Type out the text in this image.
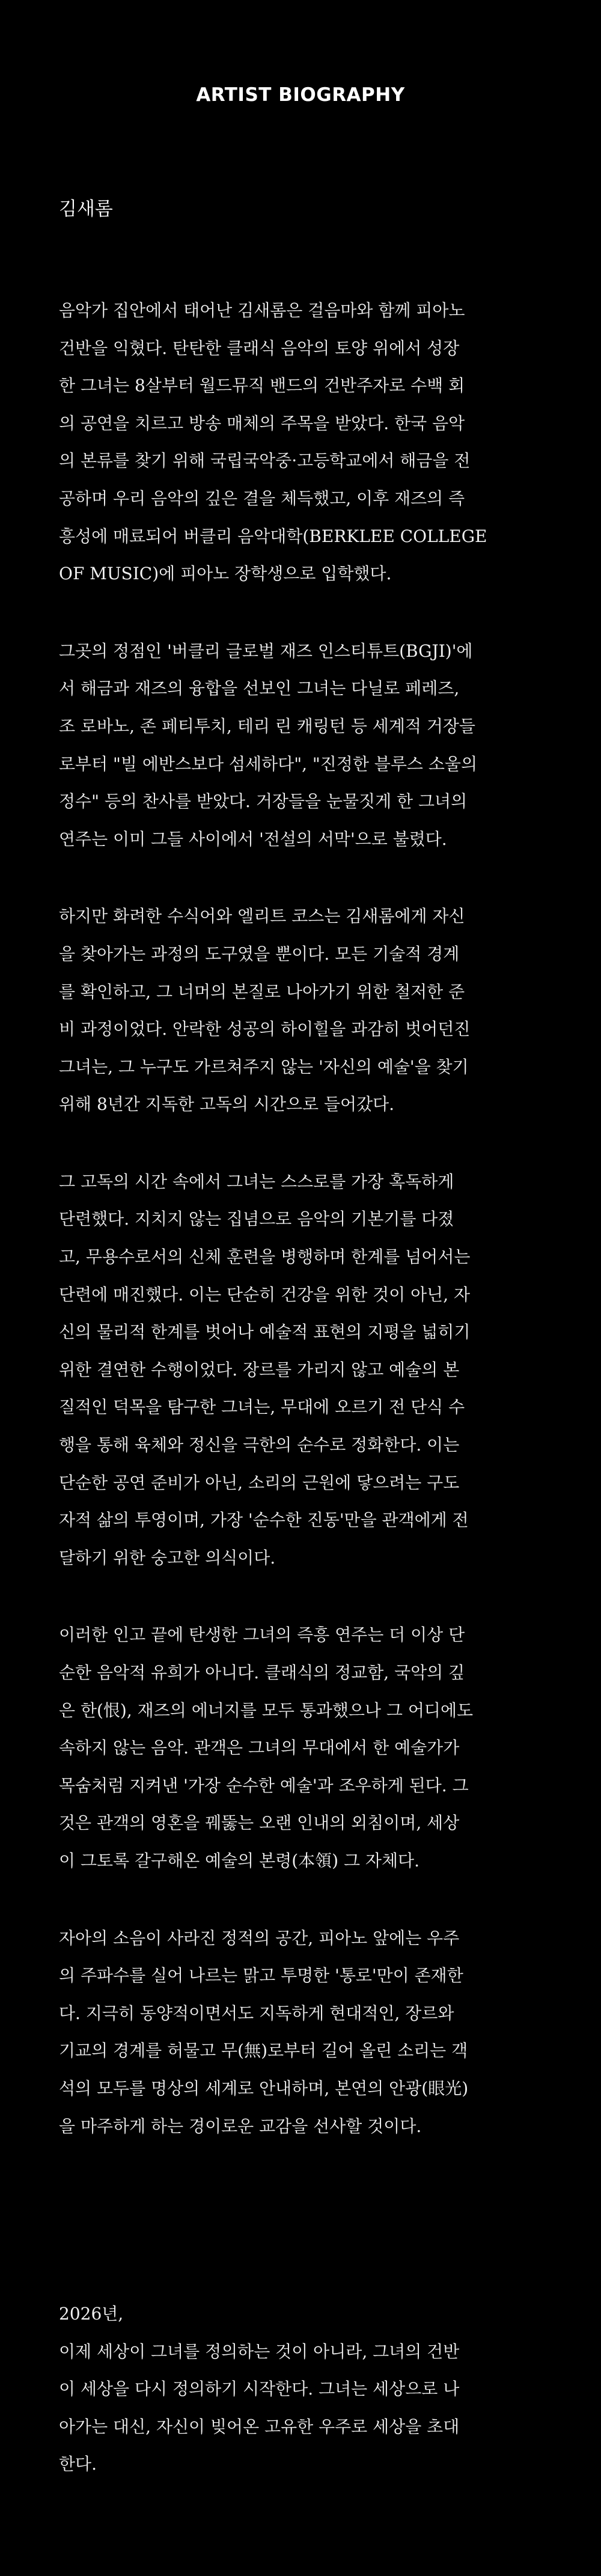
ARTIST BIOGRAPHY
김새롬

음악가 집안에서 태어난 김새롬은 걸음마와 함께 피아노
건반을 익혔다. 탄탄한 클래식 음악의 토양 위에서 성장
한 그녀는 8살부터 월드뮤직 밴드의 건반주자로 수백 회
의 공연을 치르고 방송 매체의 주목을 받았다. 한국 음악
의 본류를 찾기 위해 국립국악중·고등학교에서 해금을 전
공하며 우리 음악의 깊은 결을 체득했고, 이후 재즈의 즉
흥성에 매료되어 버클리 음악대학(BERKLEE COLLEGE
OF MUSIC)에 피아노 장학생으로 입학했다.

그곳의 정점인 '버클리 글로벌 재즈 인스티튜트(BGJI)'에
서 해금과 재즈의 융합을 선보인 그녀는 다닐로 페레즈,
조 로바노, 존 페티투치, 테리 린 캐링턴 등 세계적 거장들
로부터 "빌 에반스보다 섬세하다", "진정한 블루스 소울의
정수" 등의 찬사를 받았다. 거장들을 눈물짓게 한 그녀의
연주는 이미 그들 사이에서 '전설의 서막'으로 불렸다.

하지만 화려한 수식어와 엘리트 코스는 김새롬에게 자신
을 찾아가는 과정의 도구였을 뿐이다. 모든 기술적 경계
를 확인하고, 그 너머의 본질로 나아가기 위한 철저한 준
비 과정이었다. 안락한 성공의 하이힐을 과감히 벗어던진
그녀는, 그 누구도 가르쳐주지 않는 '자신의 예술'을 찾기
위해 8년간 지독한 고독의 시간으로 들어갔다.

그 고독의 시간 속에서 그녀는 스스로를 가장 혹독하게
단련했다. 지치지 않는 집념으로 음악의 기본기를 다졌
고, 무용수로서의 신체 훈련을 병행하며 한계를 넘어서는
단련에 매진했다. 이는 단순히 건강을 위한 것이 아닌, 자
신의 물리적 한계를 벗어나 예술적 표현의 지평을 넓히기
위한 결연한 수행이었다. 장르를 가리지 않고 예술의 본
질적인 덕목을 탐구한 그녀는, 무대에 오르기 전 단식 수
행을 통해 육체와 정신을 극한의 순수로 정화한다. 이는
단순한 공연 준비가 아닌, 소리의 근원에 닿으려는 구도
자적 삶의 투영이며, 가장 '순수한 진동'만을 관객에게 전
달하기 위한 숭고한 의식이다.

이러한 인고 끝에 탄생한 그녀의 즉흥 연주는 더 이상 단
순한 음악적 유희가 아니다. 클래식의 정교함, 국악의 깊
은 한(恨), 재즈의 에너지를 모두 통과했으나 그 어디에도
속하지 않는 음악. 관객은 그녀의 무대에서 한 예술가가
목숨처럼 지켜낸 '가장 순수한 예술'과 조우하게 된다. 그
것은 관객의 영혼을 꿰뚫는 오랜 인내의 외침이며, 세상
이 그토록 갈구해온 예술의 본령(本領) 그 자체다.

자아의 소음이 사라진 정적의 공간, 피아노 앞에는 우주
의 주파수를 실어 나르는 맑고 투명한 '통로'만이 존재한
다. 지극히 동양적이면서도 지독하게 현대적인, 장르와
기교의 경계를 허물고 무(無)로부터 길어 올린 소리는 객
석의 모두를 명상의 세계로 안내하며, 본연의 안광(眼光)
을 마주하게 하는 경이로운 교감을 선사할 것이다.

2026년,
이제 세상이 그녀를 정의하는 것이 아니라, 그녀의 건반
이 세상을 다시 정의하기 시작한다. 그녀는 세상으로 나
아가는 대신, 자신이 빚어온 고유한 우주로 세상을 초대
한다.
